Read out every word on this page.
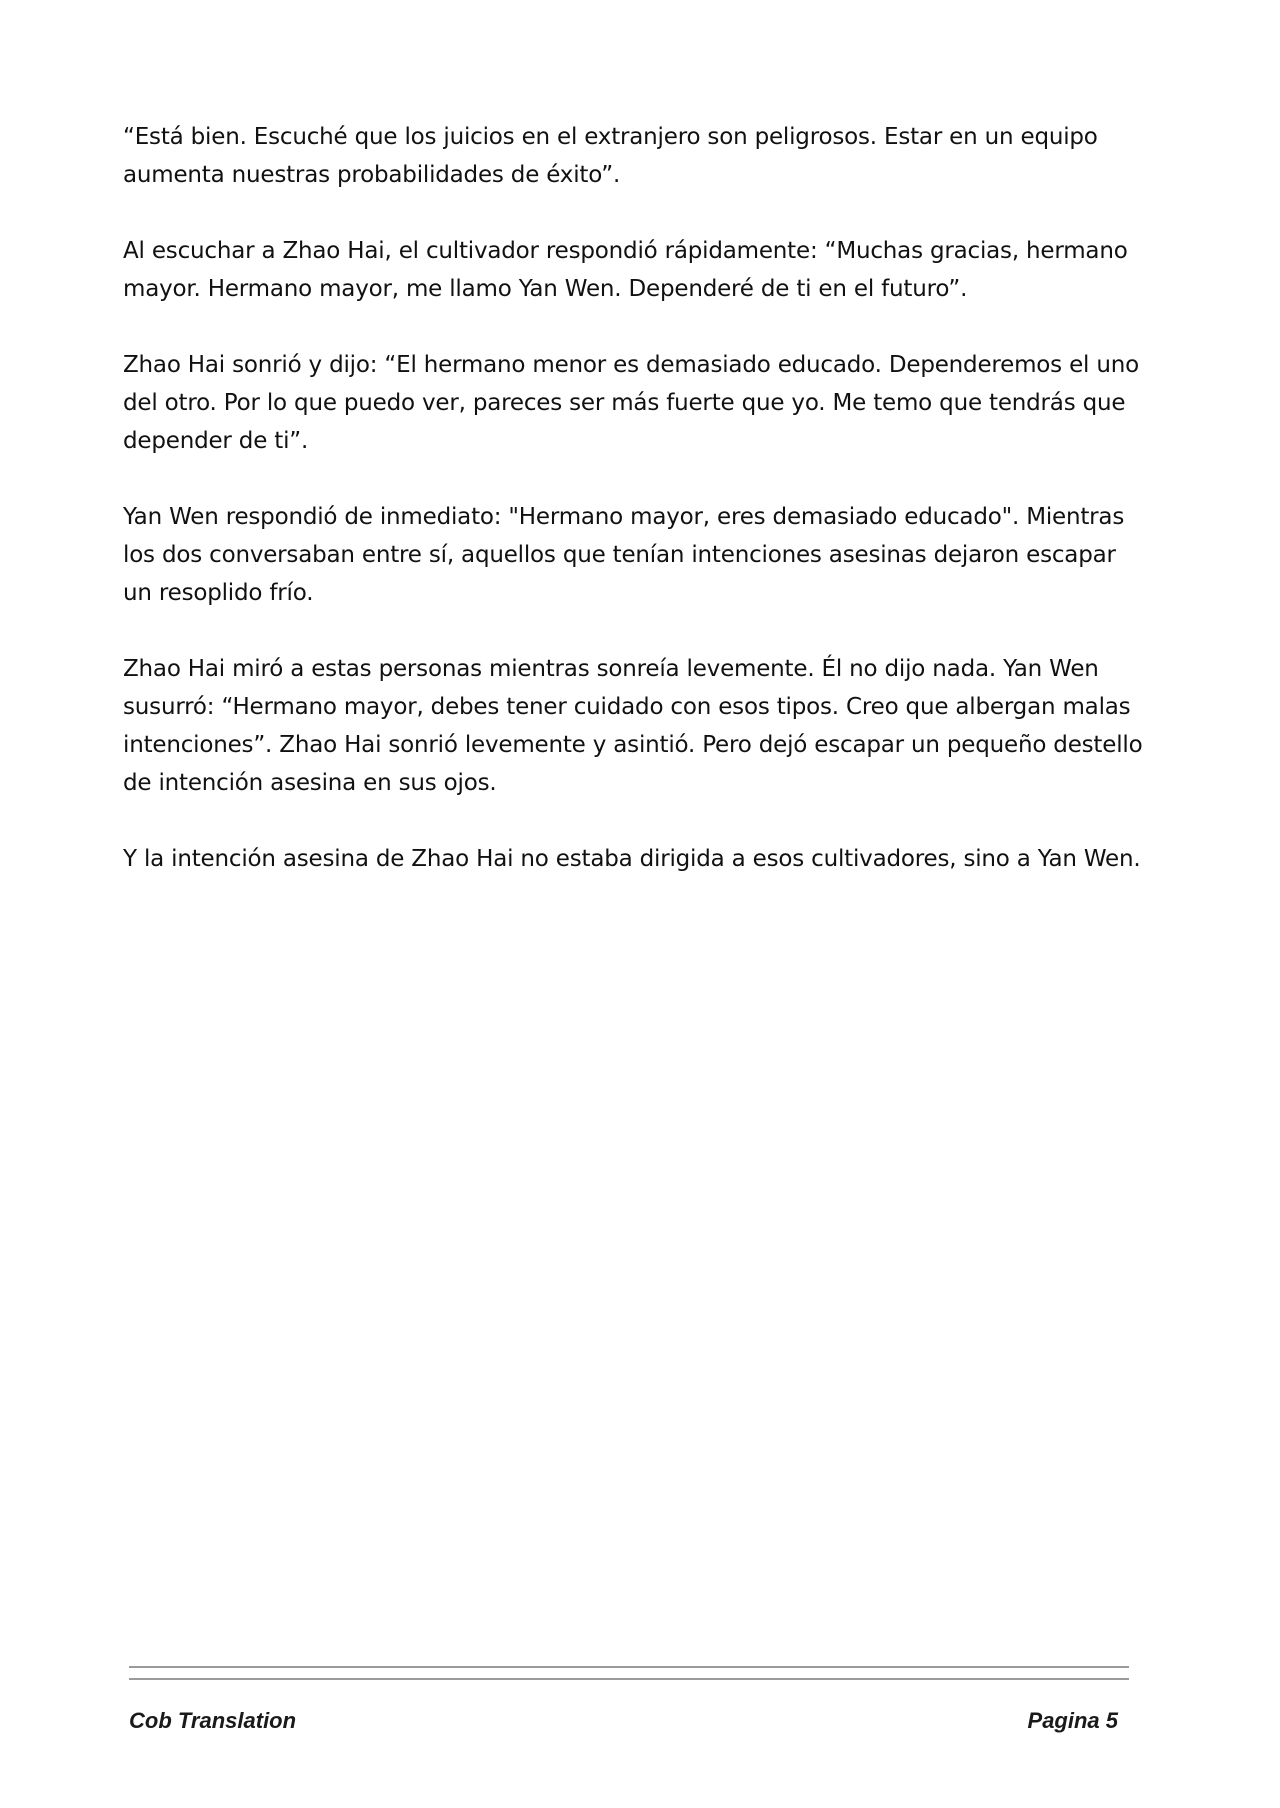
“Está bien. Escuché que los juicios en el extranjero son peligrosos. Estar en un equipo aumenta nuestras probabilidades de éxito”.

Al escuchar a Zhao Hai, el cultivador respondió rápidamente: “Muchas gracias, hermano mayor. Hermano mayor, me llamo Yan Wen. Dependeré de ti en el futuro”.

Zhao Hai sonrió y dijo: “El hermano menor es demasiado educado. Dependeremos el uno del otro. Por lo que puedo ver, pareces ser más fuerte que yo. Me temo que tendrás que depender de ti”.

Yan Wen respondió de inmediato: "Hermano mayor, eres demasiado educado". Mientras los dos conversaban entre sí, aquellos que tenían intenciones asesinas dejaron escapar un resoplido frío.

Zhao Hai miró a estas personas mientras sonreía levemente. Él no dijo nada. Yan Wen susurró: “Hermano mayor, debes tener cuidado con esos tipos. Creo que albergan malas intenciones”. Zhao Hai sonrió levemente y asintió. Pero dejó escapar un pequeño destello de intención asesina en sus ojos.

Y la intención asesina de Zhao Hai no estaba dirigida a esos cultivadores, sino a Yan Wen.

Cob Translation	Pagina 5
